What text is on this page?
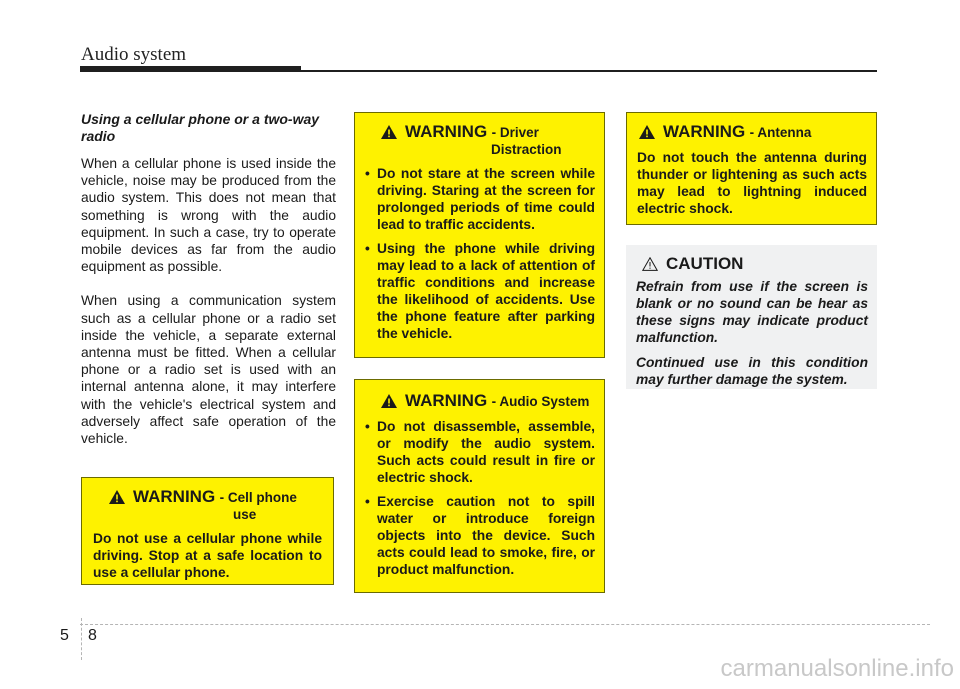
Audio system

Using a cellular phone or a two-way radio

When a cellular phone is used inside the vehicle, noise may be produced from the audio system. This does not mean that something is wrong with the audio equipment. In such a case, try to operate mobile devices as far from the audio equipment as possible.

When using a communication system such as a cellular phone or a radio set inside the vehicle, a separate external antenna must be fitted. When a cellular phone or a radio set is used with an internal antenna alone, it may interfere with the vehicle's electrical system and adversely affect safe operation of the vehicle.

WARNING - Cell phone
use

Do not use a cellular phone while driving. Stop at a safe location to use a cellular phone.

WARNING - Driver
Distraction
• Do not stare at the screen while driving. Staring at the screen for prolonged periods of time could lead to traffic accidents.
• Using the phone while driving may lead to a lack of attention of traffic conditions and increase the likelihood of accidents. Use the phone feature after parking the vehicle.
WARNING - Audio System
• Do not disassemble, assemble, or modify the audio system. Such acts could result in fire or electric shock.
• Exercise caution not to spill water or introduce foreign objects into the device. Such acts could lead to smoke, fire, or product malfunction.
WARNING - Antenna

Do not touch the antenna during thunder or lightening as such acts may lead to lightning induced electric shock.

CAUTION

Refrain from use if the screen is blank or no sound can be hear as these signs may indicate product malfunction.

Continued use in this condition may further damage the system.

5 8
carmanualsonline.info
